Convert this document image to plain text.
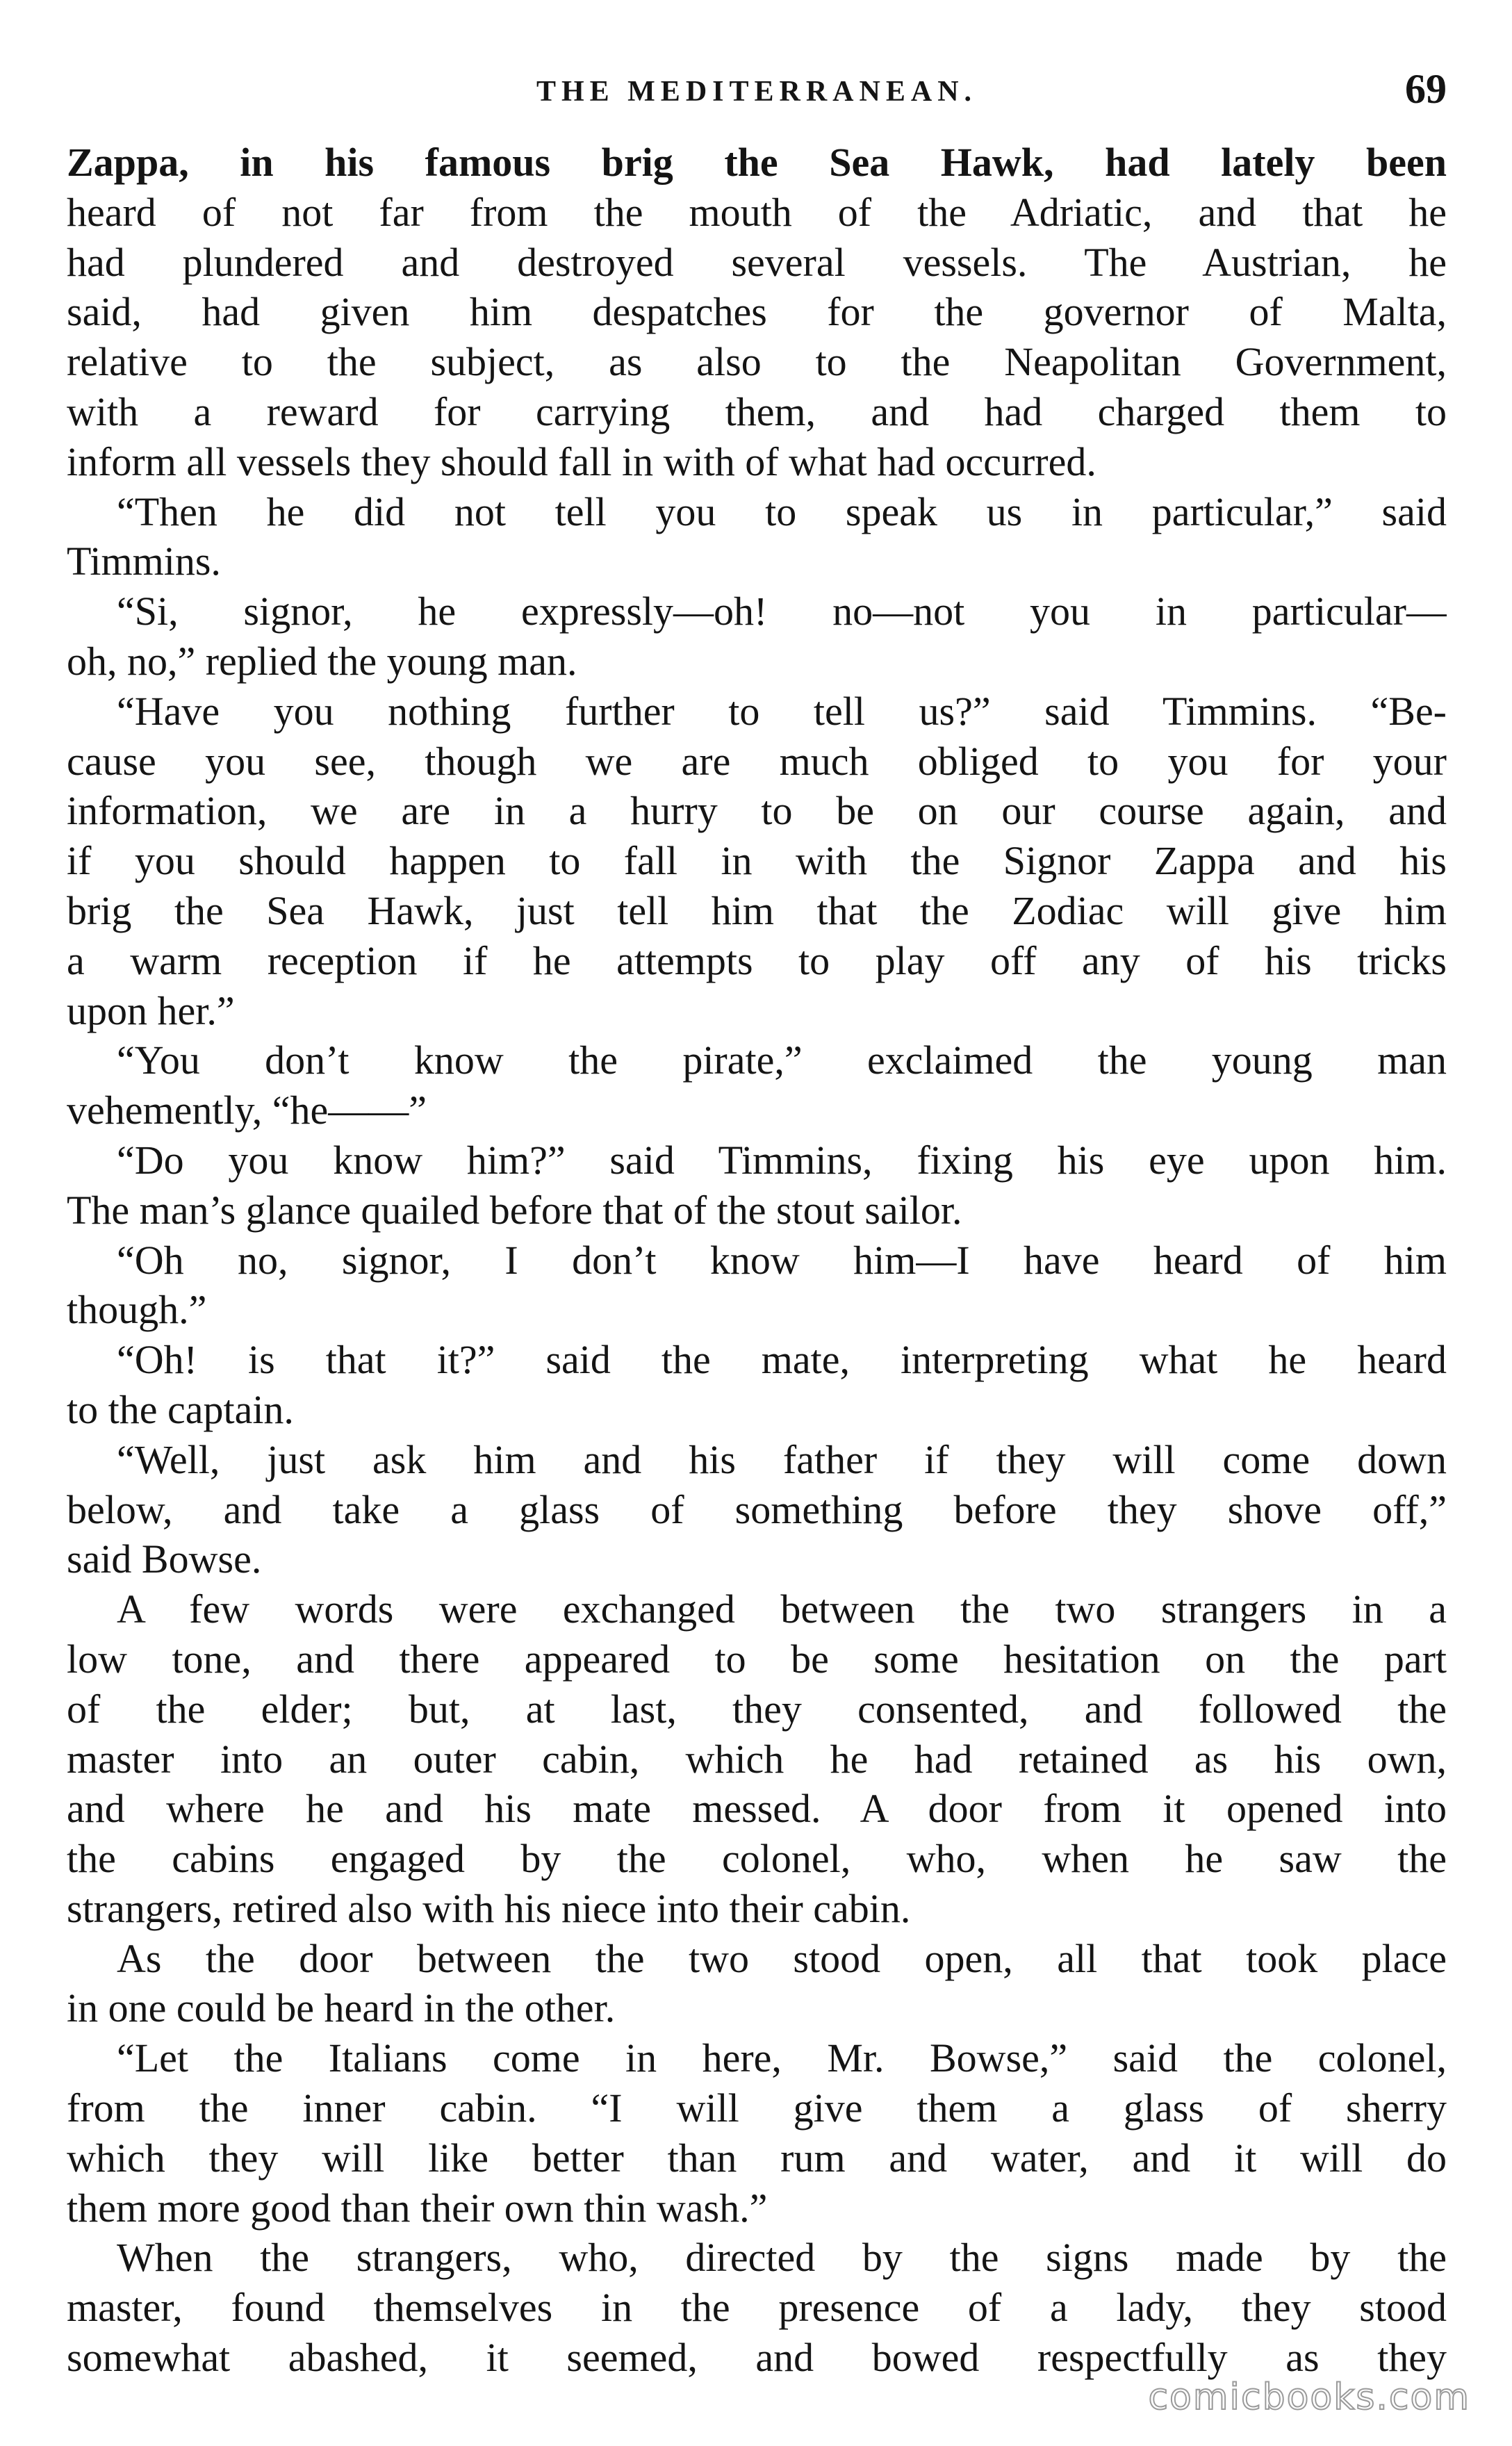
THE MEDITERRANEAN.	69
Zappa, in his famous brig the Sea Hawk, had lately been
heard of not far from the mouth of the Adriatic, and that he
had plundered and destroyed several vessels. The Austrian, he
said, had given him despatches for the governor of Malta,
relative to the subject, as also to the Neapolitan Government,
with a reward for carrying them, and had charged them to
inform all vessels they should fall in with of what had occurred.
“Then he did not tell you to speak us in particular,” said
Timmins.
“Si, signor, he expressly—oh! no—not you in particular—
oh, no,” replied the young man.
“Have you nothing further to tell us?” said Timmins. “Be-
cause you see, though we are much obliged to you for your
information, we are in a hurry to be on our course again, and
if you should happen to fall in with the Signor Zappa and his
brig the Sea Hawk, just tell him that the Zodiac will give him
a warm reception if he attempts to play off any of his tricks
upon her.”
“You don’t know the pirate,” exclaimed the young man
vehemently, “he——”
“Do you know him?” said Timmins, fixing his eye upon him.
The man’s glance quailed before that of the stout sailor.
“Oh no, signor, I don’t know him—I have heard of him
though.”
“Oh! is that it?” said the mate, interpreting what he heard
to the captain.
“Well, just ask him and his father if they will come down
below, and take a glass of something before they shove off,”
said Bowse.
A few words were exchanged between the two strangers in a
low tone, and there appeared to be some hesitation on the part
of the elder; but, at last, they consented, and followed the
master into an outer cabin, which he had retained as his own,
and where he and his mate messed. A door from it opened into
the cabins engaged by the colonel, who, when he saw the
strangers, retired also with his niece into their cabin.
As the door between the two stood open, all that took place
in one could be heard in the other.
“Let the Italians come in here, Mr. Bowse,” said the colonel,
from the inner cabin. “I will give them a glass of sherry
which they will like better than rum and water, and it will do
them more good than their own thin wash.”
When the strangers, who, directed by the signs made by the
master, found themselves in the presence of a lady, they stood
somewhat abashed, it seemed, and bowed respectfully as they
comicbooks.com
